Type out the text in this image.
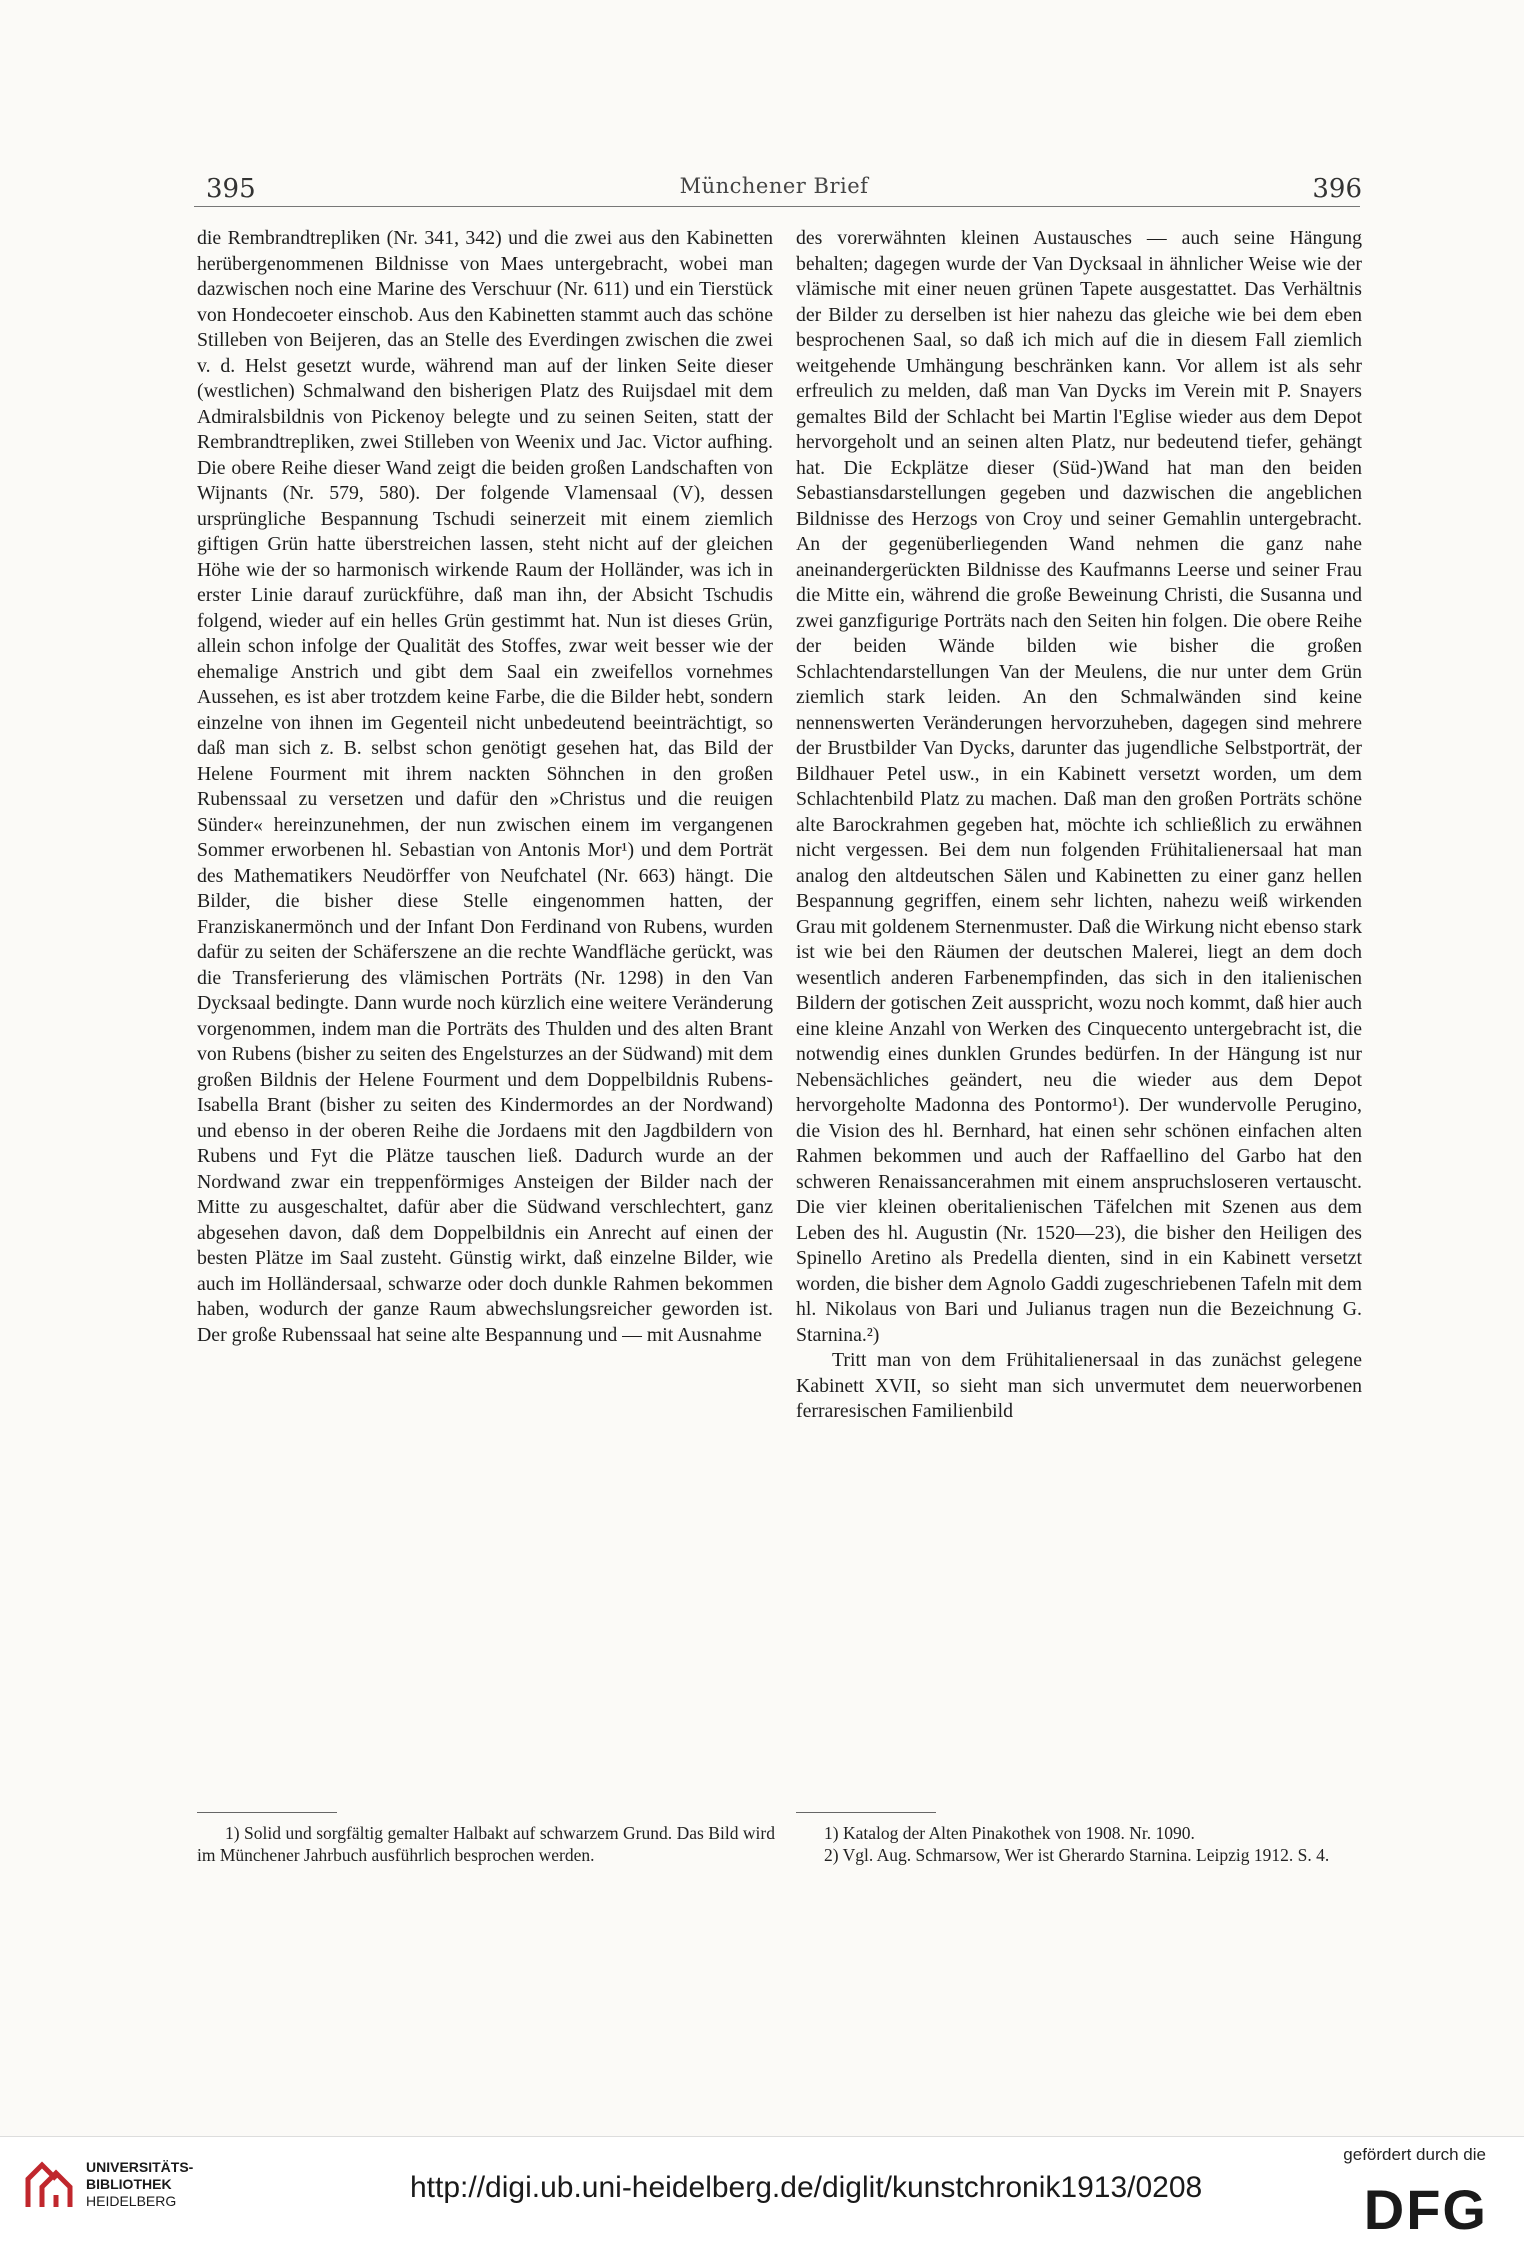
395	Münchener Brief	396

die Rembrandtrepliken (Nr. 341, 342) und die zwei aus den Kabinetten herübergenommenen Bildnisse von Maes untergebracht, wobei man dazwischen noch eine Marine des Verschuur (Nr. 611) und ein Tierstück von Hondecoeter einschob. Aus den Kabinetten stammt auch das schöne Stilleben von Beijeren, das an Stelle des Everdingen zwischen die zwei v. d. Helst gesetzt wurde, während man auf der linken Seite dieser (westlichen) Schmalwand den bisherigen Platz des Ruijsdael mit dem Admiralsbildnis von Pickenoy belegte und zu seinen Seiten, statt der Rembrandtrepliken, zwei Stilleben von Weenix und Jac. Victor aufhing. Die obere Reihe dieser Wand zeigt die beiden großen Landschaften von Wijnants (Nr. 579, 580). Der folgende Vlamensaal (V), dessen ursprüngliche Bespannung Tschudi seinerzeit mit einem ziemlich giftigen Grün hatte überstreichen lassen, steht nicht auf der gleichen Höhe wie der so harmonisch wirkende Raum der Holländer, was ich in erster Linie darauf zurückführe, daß man ihn, der Absicht Tschudis folgend, wieder auf ein helles Grün gestimmt hat. Nun ist dieses Grün, allein schon infolge der Qualität des Stoffes, zwar weit besser wie der ehemalige Anstrich und gibt dem Saal ein zweifellos vornehmes Aussehen, es ist aber trotzdem keine Farbe, die die Bilder hebt, sondern einzelne von ihnen im Gegenteil nicht unbedeutend beeinträchtigt, so daß man sich z. B. selbst schon genötigt gesehen hat, das Bild der Helene Fourment mit ihrem nackten Söhnchen in den großen Rubenssaal zu versetzen und dafür den »Christus und die reuigen Sünder« hereinzunehmen, der nun zwischen einem im vergangenen Sommer erworbenen hl. Sebastian von Antonis Mor¹) und dem Porträt des Mathematikers Neudörffer von Neufchatel (Nr. 663) hängt. Die Bilder, die bisher diese Stelle eingenommen hatten, der Franziskanermönch und der Infant Don Ferdinand von Rubens, wurden dafür zu seiten der Schäferszene an die rechte Wandfläche gerückt, was die Transferierung des vlämischen Porträts (Nr. 1298) in den Van Dycksaal bedingte. Dann wurde noch kürzlich eine weitere Veränderung vorgenommen, indem man die Porträts des Thulden und des alten Brant von Rubens (bisher zu seiten des Engelsturzes an der Südwand) mit dem großen Bildnis der Helene Fourment und dem Doppelbildnis Rubens-Isabella Brant (bisher zu seiten des Kindermordes an der Nordwand) und ebenso in der oberen Reihe die Jordaens mit den Jagdbildern von Rubens und Fyt die Plätze tauschen ließ. Dadurch wurde an der Nordwand zwar ein treppenförmiges Ansteigen der Bilder nach der Mitte zu ausgeschaltet, dafür aber die Südwand verschlechtert, ganz abgesehen davon, daß dem Doppelbildnis ein Anrecht auf einen der besten Plätze im Saal zusteht. Günstig wirkt, daß einzelne Bilder, wie auch im Holländersaal, schwarze oder doch dunkle Rahmen bekommen haben, wodurch der ganze Raum abwechslungsreicher geworden ist. Der große Rubenssaal hat seine alte Bespannung und — mit Ausnahme

des vorerwähnten kleinen Austausches — auch seine Hängung behalten; dagegen wurde der Van Dycksaal in ähnlicher Weise wie der vlämische mit einer neuen grünen Tapete ausgestattet. Das Verhältnis der Bilder zu derselben ist hier nahezu das gleiche wie bei dem eben besprochenen Saal, so daß ich mich auf die in diesem Fall ziemlich weitgehende Umhängung beschränken kann. Vor allem ist als sehr erfreulich zu melden, daß man Van Dycks im Verein mit P. Snayers gemaltes Bild der Schlacht bei Martin l'Eglise wieder aus dem Depot hervorgeholt und an seinen alten Platz, nur bedeutend tiefer, gehängt hat. Die Eckplätze dieser (Süd-)Wand hat man den beiden Sebastiansdarstellungen gegeben und dazwischen die angeblichen Bildnisse des Herzogs von Croy und seiner Gemahlin untergebracht. An der gegenüberliegenden Wand nehmen die ganz nahe aneinandergerückten Bildnisse des Kaufmanns Leerse und seiner Frau die Mitte ein, während die große Beweinung Christi, die Susanna und zwei ganzfigurige Porträts nach den Seiten hin folgen. Die obere Reihe der beiden Wände bilden wie bisher die großen Schlachtendarstellungen Van der Meulens, die nur unter dem Grün ziemlich stark leiden. An den Schmalwänden sind keine nennenswerten Veränderungen hervorzuheben, dagegen sind mehrere der Brustbilder Van Dycks, darunter das jugendliche Selbstporträt, der Bildhauer Petel usw., in ein Kabinett versetzt worden, um dem Schlachtenbild Platz zu machen. Daß man den großen Porträts schöne alte Barockrahmen gegeben hat, möchte ich schließlich zu erwähnen nicht vergessen. Bei dem nun folgenden Frühitalienersaal hat man analog den altdeutschen Sälen und Kabinetten zu einer ganz hellen Bespannung gegriffen, einem sehr lichten, nahezu weiß wirkenden Grau mit goldenem Sternenmuster. Daß die Wirkung nicht ebenso stark ist wie bei den Räumen der deutschen Malerei, liegt an dem doch wesentlich anderen Farbenempfinden, das sich in den italienischen Bildern der gotischen Zeit ausspricht, wozu noch kommt, daß hier auch eine kleine Anzahl von Werken des Cinquecento untergebracht ist, die notwendig eines dunklen Grundes bedürfen. In der Hängung ist nur Nebensächliches geändert, neu die wieder aus dem Depot hervorgeholte Madonna des Pontormo¹). Der wundervolle Perugino, die Vision des hl. Bernhard, hat einen sehr schönen einfachen alten Rahmen bekommen und auch der Raffaellino del Garbo hat den schweren Renaissancerahmen mit einem anspruchsloseren vertauscht. Die vier kleinen oberitalienischen Täfelchen mit Szenen aus dem Leben des hl. Augustin (Nr. 1520—23), die bisher den Heiligen des Spinello Aretino als Predella dienten, sind in ein Kabinett versetzt worden, die bisher dem Agnolo Gaddi zugeschriebenen Tafeln mit dem hl. Nikolaus von Bari und Julianus tragen nun die Bezeichnung G. Starnina.²)

Tritt man von dem Frühitalienersaal in das zunächst gelegene Kabinett XVII, so sieht man sich unvermutet dem neuerworbenen ferraresischen Familienbild

1) Solid und sorgfältig gemalter Halbakt auf schwarzem Grund. Das Bild wird im Münchener Jahrbuch ausführlich besprochen werden.

1) Katalog der Alten Pinakothek von 1908. Nr. 1090.

2) Vgl. Aug. Schmarsow, Wer ist Gherardo Starnina. Leipzig 1912. S. 4.

UNIVERSITÄTS-
BIBLIOTHEK
HEIDELBERG	http://digi.ub.uni-heidelberg.de/diglit/kunstchronik1913/0208
gefördert durch die
DFG
